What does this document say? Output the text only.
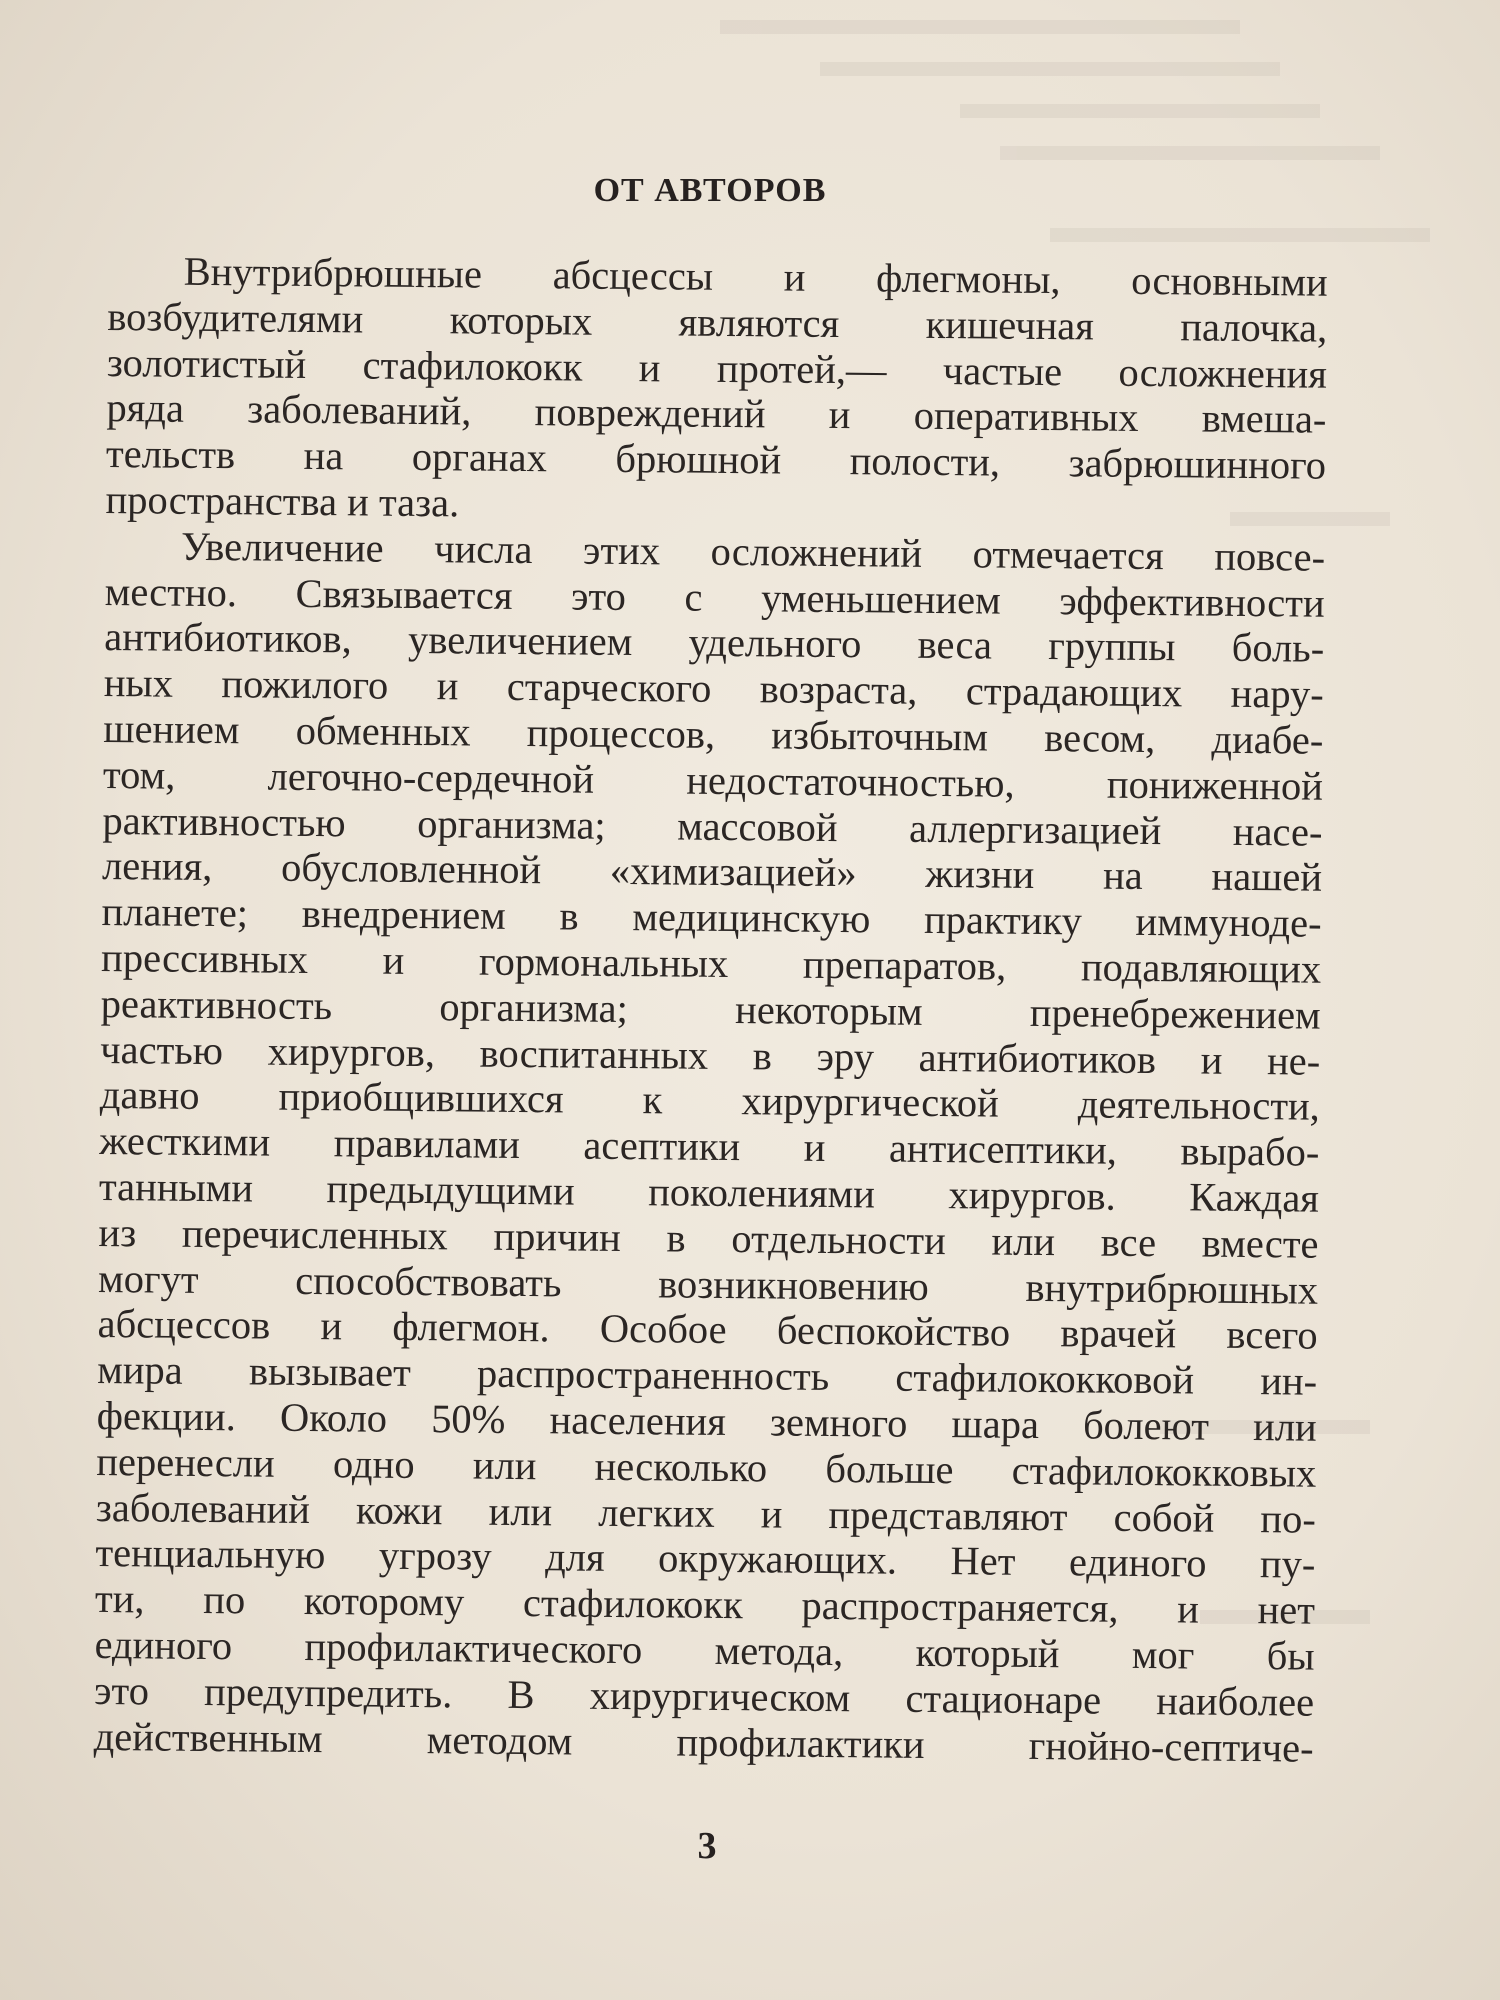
ОТ АВТОРОВ
Внутрибрюшные абсцессы и флегмоны, основными
возбудителями которых являются кишечная палочка,
золотистый стафилококк и протей,— частые осложнения
ряда заболеваний, повреждений и оперативных вмеша-
тельств на органах брюшной полости, забрюшинного
пространства и таза.
Увеличение числа этих осложнений отмечается повсе-
местно. Связывается это с уменьшением эффективности
антибиотиков, увеличением удельного веса группы боль-
ных пожилого и старческого возраста, страдающих нару-
шением обменных процессов, избыточным весом, диабе-
том, легочно-сердечной недостаточностью, пониженной
рактивностью организма; массовой аллергизацией насе-
ления, обусловленной «химизацией» жизни на нашей
планете; внедрением в медицинскую практику иммуноде-
прессивных и гормональных препаратов, подавляющих
реактивность организма; некоторым пренебрежением
частью хирургов, воспитанных в эру антибиотиков и не-
давно приобщившихся к хирургической деятельности,
жесткими правилами асептики и антисептики, вырабо-
танными предыдущими поколениями хирургов. Каждая
из перечисленных причин в отдельности или все вместе
могут способствовать возникновению внутрибрюшных
абсцессов и флегмон. Особое беспокойство врачей всего
мира вызывает распространенность стафилококковой ин-
фекции. Около 50% населения земного шара болеют или
перенесли одно или несколько больше стафилококковых
заболеваний кожи или легких и представляют собой по-
тенциальную угрозу для окружающих. Нет единого пу-
ти, по которому стафилококк распространяется, и нет
единого профилактического метода, который мог бы
это предупредить. В хирургическом стационаре наиболее
действенным методом профилактики гнойно-септиче-
3
